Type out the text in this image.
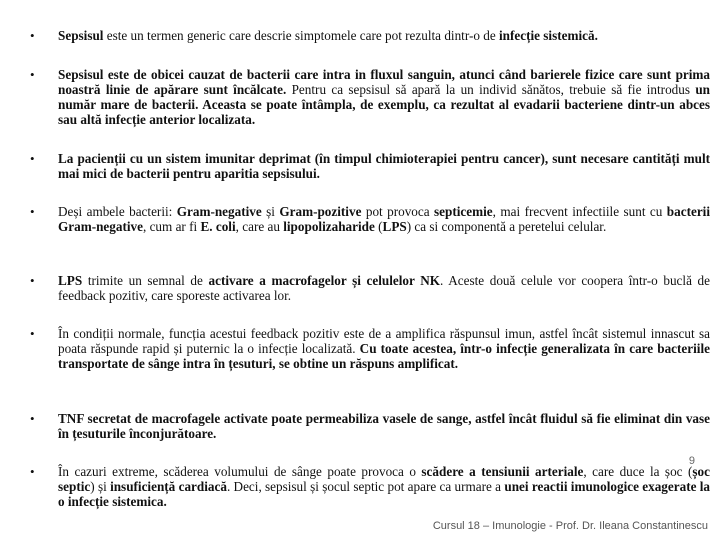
• Sepsisul este un termen generic care descrie simptomele care pot rezulta dintr-o de infecție sistemică.
• Sepsisul este de obicei cauzat de bacterii care intra in fluxul sanguin, atunci când barierele fizice care sunt prima noastră linie de apărare sunt încălcate. Pentru ca sepsisul să apară la un individ sănătos, trebuie să fie introdus un număr mare de bacterii. Aceasta se poate întâmpla, de exemplu, ca rezultat al evadarii bacteriene dintr-un abces sau altă infecție anterior localizata.
• La pacienții cu un sistem imunitar deprimat (în timpul chimioterapiei pentru cancer), sunt necesare cantități mult mai mici de bacterii pentru aparitia sepsisului.
• Deși ambele bacterii: Gram-negative și Gram-pozitive pot provoca septicemie, mai frecvent infectiile sunt cu bacterii Gram-negative, cum ar fi E. coli, care au lipopolizaharide (LPS) ca si componentă a peretelui celular.
• LPS trimite un semnal de activare a macrofagelor și celulelor NK. Aceste două celule vor coopera într-o buclă de feedback pozitiv, care sporeste activarea lor.
• În condiții normale, funcția acestui feedback pozitiv este de a amplifica răspunsul imun, astfel încât sistemul innascut sa poata răspunde rapid și puternic la o infecție localizată. Cu toate acestea, într-o infecție generalizata în care bacteriile transportate de sânge intra în țesuturi, se obtine un răspuns amplificat.
• TNF secretat de macrofagele activate poate permeabiliza vasele de sange, astfel încât fluidul să fie eliminat din vase în țesuturile înconjurătoare.
• În cazuri extreme, scăderea volumului de sânge poate provoca o scădere a tensiunii arteriale, care duce la șoc (șoc septic) și insuficiență cardiacă. Deci, sepsisul și șocul septic pot apare ca urmare a unei reactii imunologice exagerate la o infecție sistemica.
9
Cursul 18 – Imunologie - Prof. Dr. Ileana Constantinescu
